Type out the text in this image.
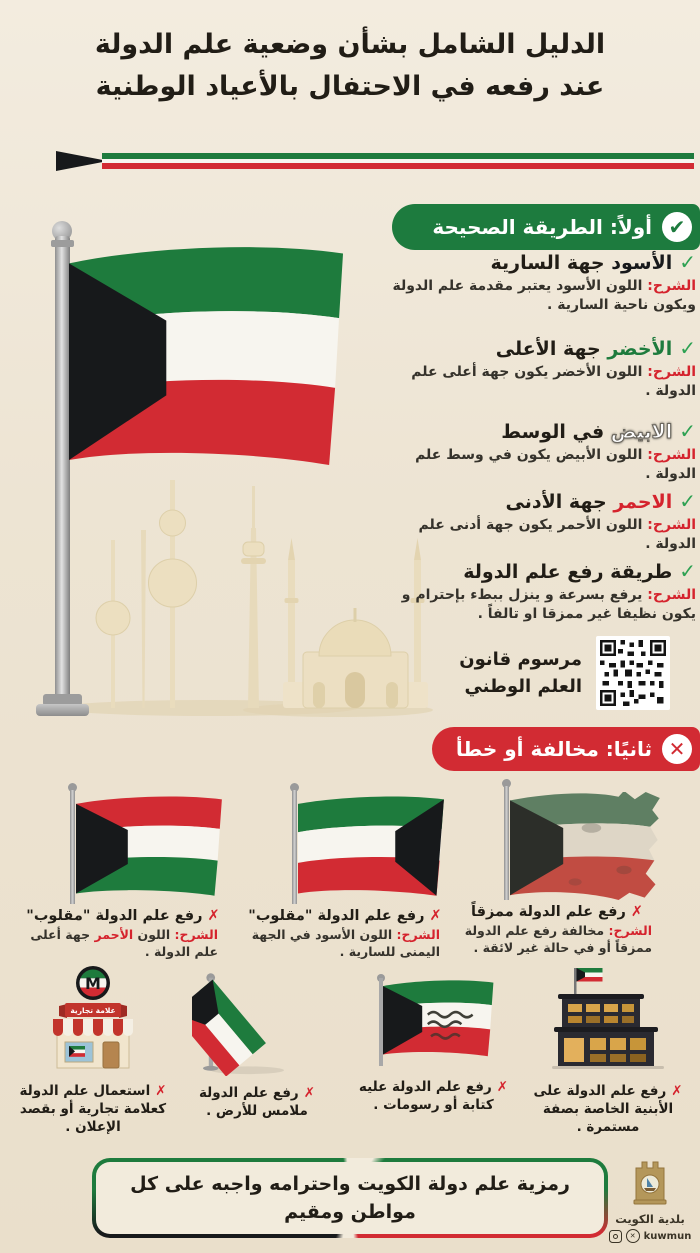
الدليل الشامل بشأن وضعية علم الدولة
عند رفعه في الاحتفال بالأعياد الوطنية
✔
أولاً: الطريقة الصحيحة
✓الأسود جهة السارية
الشرح: اللون الأسود يعتبر مقدمة علم الدولة ويكون ناحية السارية .
✓الأخضر جهة الأعلى
الشرح: اللون الأخضر يكون جهة أعلى علم الدولة .
✓الابيض في الوسط
الشرح: اللون الأبيض يكون في وسط علم الدولة .
✓الاحمر جهة الأدنى
الشرح: اللون الأحمر يكون جهة أدنى علم الدولة .
✓طريقة رفع علم الدولة
الشرح: يرفع بسرعة و ينزل ببطء بإحترام و يكون نظيفا غير ممزقا او تالفاً .
مرسوم قانون
العلم الوطني
✕
ثانيًا: مخالفة أو خطأ
✗رفع علم الدولة "مقلوب"
الشرح: اللون الأحمر جهة أعلى علم الدولة .
✗رفع علم الدولة "مقلوب"
الشرح: اللون الأسود في الجهة اليمنى للسارية .
✗رفع علم الدولة ممزقاً
الشرح: مخالفة رفع علم الدولة ممزقاً أو في حالة غير لائقة .
M
علامة تجارية
✗استعمال علم الدولة كعلامة تجارية أو بقصد الإعلان .
✗رفع علم الدولة ملامس للأرض .
✗رفع علم الدولة عليه كتابة أو رسومات .
✗رفع علم الدولة على الأبنية الخاصة بصفة مستمرة .
رمزية علم دولة الكويت واحترامه واجبه على كل
مواطن ومقيم	بلدية الكويت
✕ kuwmun
